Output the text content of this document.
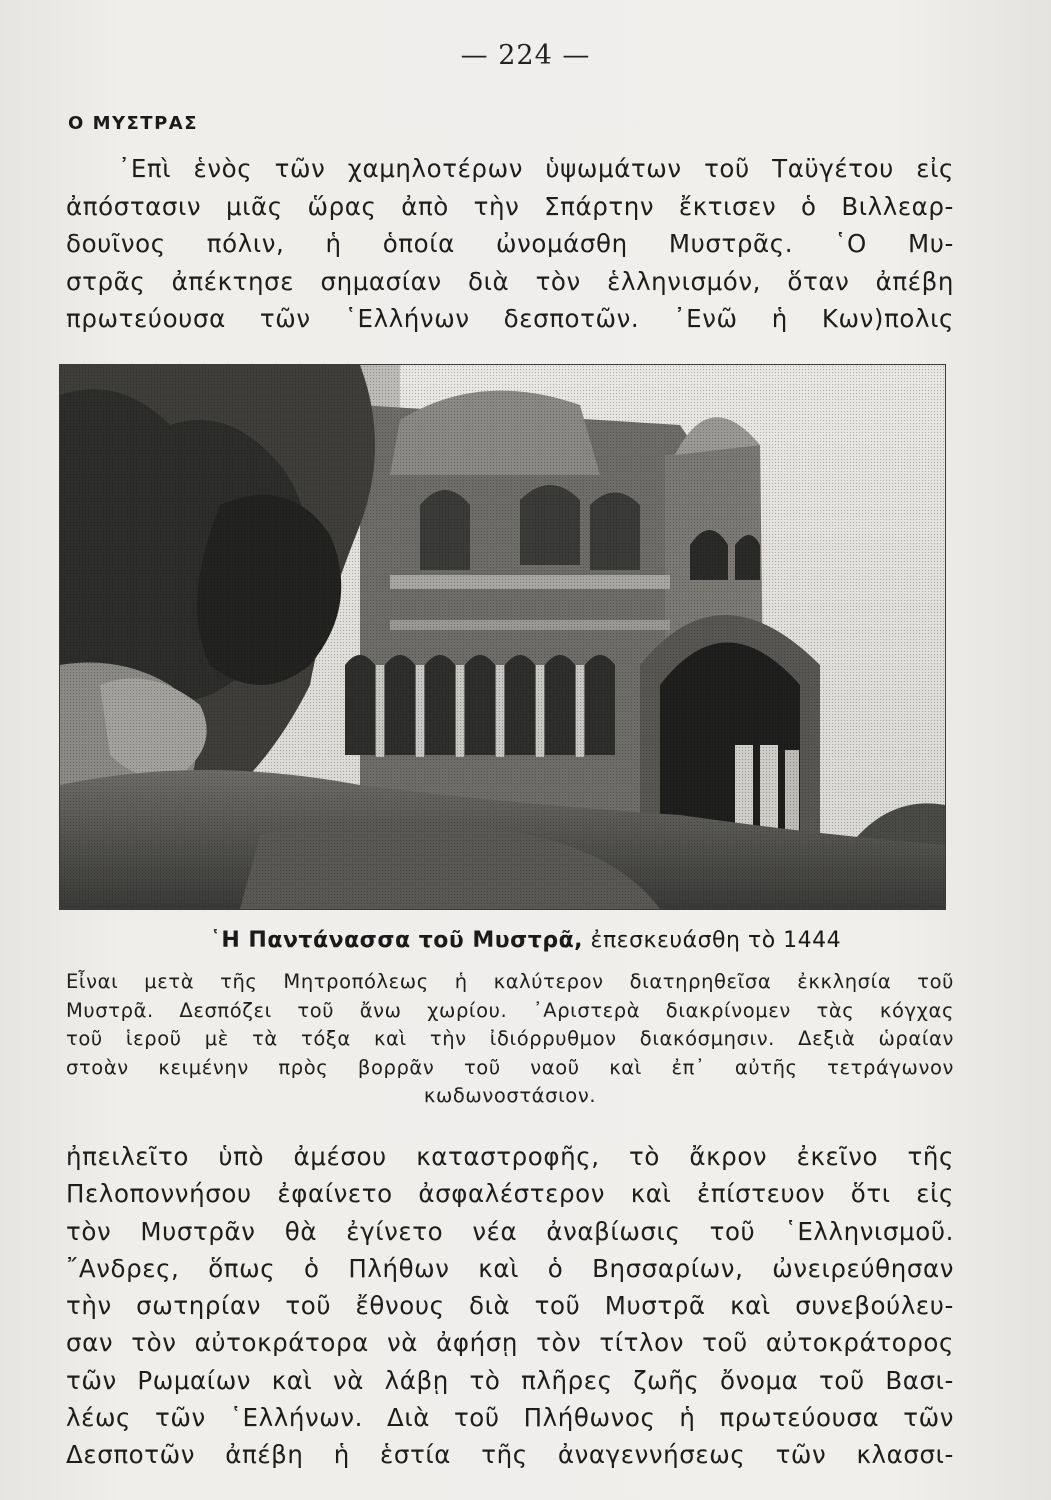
— 224 —
Ο ΜΥΣΤΡΑΣ
᾿Επὶ ἑνὸς τῶν χαμηλοτέρων ὑψωμάτων τοῦ Ταϋγέτου εἰς
ἀπόστασιν μιᾶς ὥρας ἀπὸ τὴν Σπάρτην ἔκτισεν ὁ Βιλλεαρ-
δουῖνος πόλιν, ἡ ὁποία ὠνομάσθη Μυστρᾶς. ῾Ο Μυ-
στρᾶς ἀπέκτησε σημασίαν διὰ τὸν ἑλληνισμόν, ὅταν ἀπέβη
πρωτεύουσα τῶν ῾Ελλήνων δεσποτῶν. ᾿Ενῶ ἡ Κων)πολις
῾Η Παντάνασσα τοῦ Μυστρᾶ, ἐπεσκευάσθη τὸ 1444
Εἶναι μετὰ τῆς Μητροπόλεως ἡ καλύτερον διατηρηθεῖσα ἐκκλησία τοῦ
Μυστρᾶ. Δεσπόζει τοῦ ἄνω χωρίου. ᾿Αριστερὰ διακρίνομεν τὰς κόγχας
τοῦ ἱεροῦ μὲ τὰ τόξα καὶ τὴν ἰδιόρρυθμον διακόσμησιν. Δεξιὰ ὡραίαν
στοὰν κειμένην πρὸς βορρᾶν τοῦ ναοῦ καὶ ἐπ᾿ αὐτῆς τετράγωνον
κωδωνοστάσιον.
ἠπειλεῖτο ὑπὸ ἀμέσου καταστροφῆς, τὸ ἄκρον ἐκεῖνο τῆς
Πελοποννήσου ἐφαίνετο ἀσφαλέστερον καὶ ἐπίστευον ὅτι εἰς
τὸν Μυστρᾶν θὰ ἐγίνετο νέα ἀναβίωσις τοῦ ῾Ελληνισμοῦ.
῎Ανδρες, ὅπως ὁ Πλήθων καὶ ὁ Βησσαρίων, ὠνειρεύθησαν
τὴν σωτηρίαν τοῦ ἔθνους διὰ τοῦ Μυστρᾶ καὶ συνεβούλευ-
σαν τὸν αὐτοκράτορα νὰ ἀφήσῃ τὸν τίτλον τοῦ αὐτοκράτορος
τῶν Ρωμαίων καὶ νὰ λάβῃ τὸ πλῆρες ζωῆς ὄνομα τοῦ Βασι-
λέως τῶν ῾Ελλήνων. Διὰ τοῦ Πλήθωνος ἡ πρωτεύουσα τῶν
Δεσποτῶν ἀπέβη ἡ ἑστία τῆς ἀναγεννήσεως τῶν κλασσι-
